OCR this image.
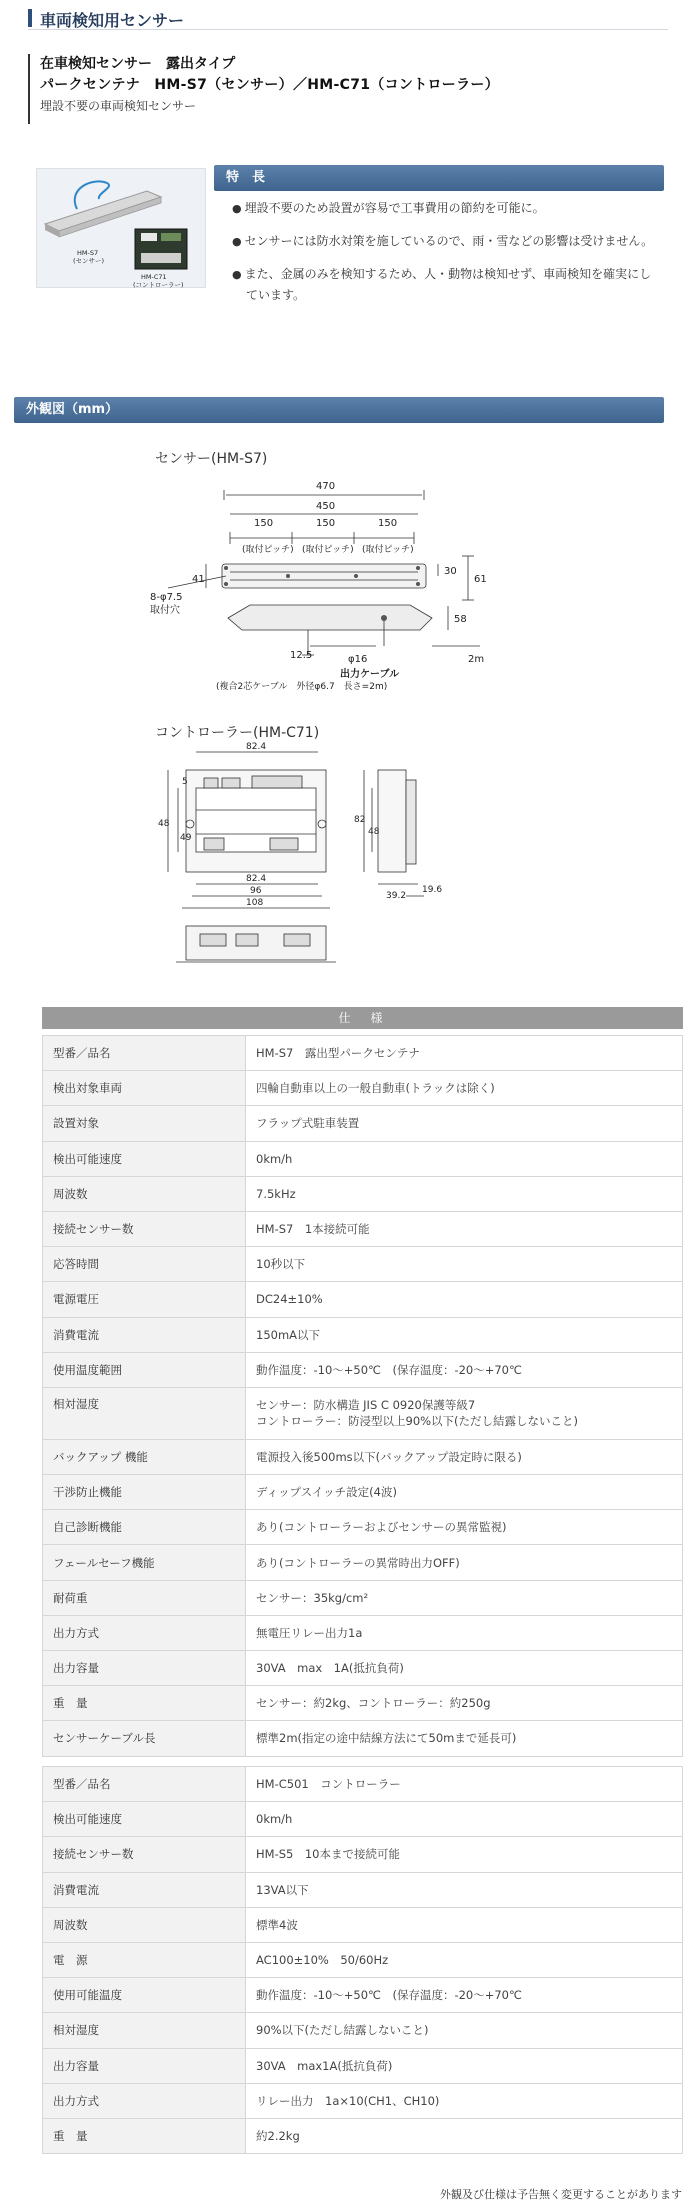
車両検知用センサー
在車検知センサー　露出タイプ
パークセンテナ　HM-S7（センサー）／HM-C71（コントローラー）
埋設不要の車両検知センサー
HM-S7
(センサー)
HM-C71
(コントローラー)
特　長
● 埋設不要のため設置が容易で工事費用の節約を可能に。
● センサーには防水対策を施しているので、雨・雪などの影響は受けません。
● また、金属のみを検知するため、人・動物は検知せず、車両検知を確実にしています。
外観図（mm）
センサー(HM-S7)
470
450
150	150	150
(取付ピッチ) (取付ピッチ) (取付ピッチ)
41
30
61
58
8-φ7.5
取付穴
12.5	φ16	2m
出力ケーブル
(複合2芯ケーブル　外径φ6.7　長さ=2m)
コントローラー(HM-C71)
82.4
82.4
96
108
48
49
5
82
48
39.2
19.6
仕　様
型番／品名	HM-S7　露出型パークセンテナ
検出対象車両	四輪自動車以上の一般自動車(トラックは除く)
設置対象	フラップ式駐車装置
検出可能速度	0km/h
周波数	7.5kHz
接続センサー数	HM-S7　1本接続可能
応答時間	10秒以下
電源電圧	DC24±10%
消費電流	150mA以下
使用温度範囲	動作温度：-10～+50℃　(保存温度：-20～+70℃
相対湿度	センサー：防水構造 JIS C 0920保護等級7
コントローラー：防浸型以上90%以下(ただし結露しないこと)

バックアップ 機能	電源投入後500ms以下(バックアップ設定時に限る)
干渉防止機能	ディップスイッチ設定(4波)
自己診断機能	あり(コントローラーおよびセンサーの異常監視)
フェールセーフ機能	あり(コントローラーの異常時出力OFF)
耐荷重	センサー：35kg/cm²
出力方式	無電圧リレー出力1a
出力容量	30VA　max　1A(抵抗負荷)
重　量	センサー：約2kg、コントローラー：約250g
センサーケーブル長	標準2m(指定の途中結線方法にて50mまで延長可)
型番／品名	HM-C501　コントローラー
検出可能速度	0km/h
接続センサー数	HM-S5　10本まで接続可能
消費電流	13VA以下
周波数	標準4波
電　源	AC100±10%　50/60Hz
使用可能温度	動作温度：-10～+50℃　(保存温度：-20～+70℃
相対湿度	90%以下(ただし結露しないこと)
出力容量	30VA　max1A(抵抗負荷)
出力方式	リレー出力　1a×10(CH1、CH10)
重　量	約2.2kg
外観及び仕様は予告無く変更することがあります
